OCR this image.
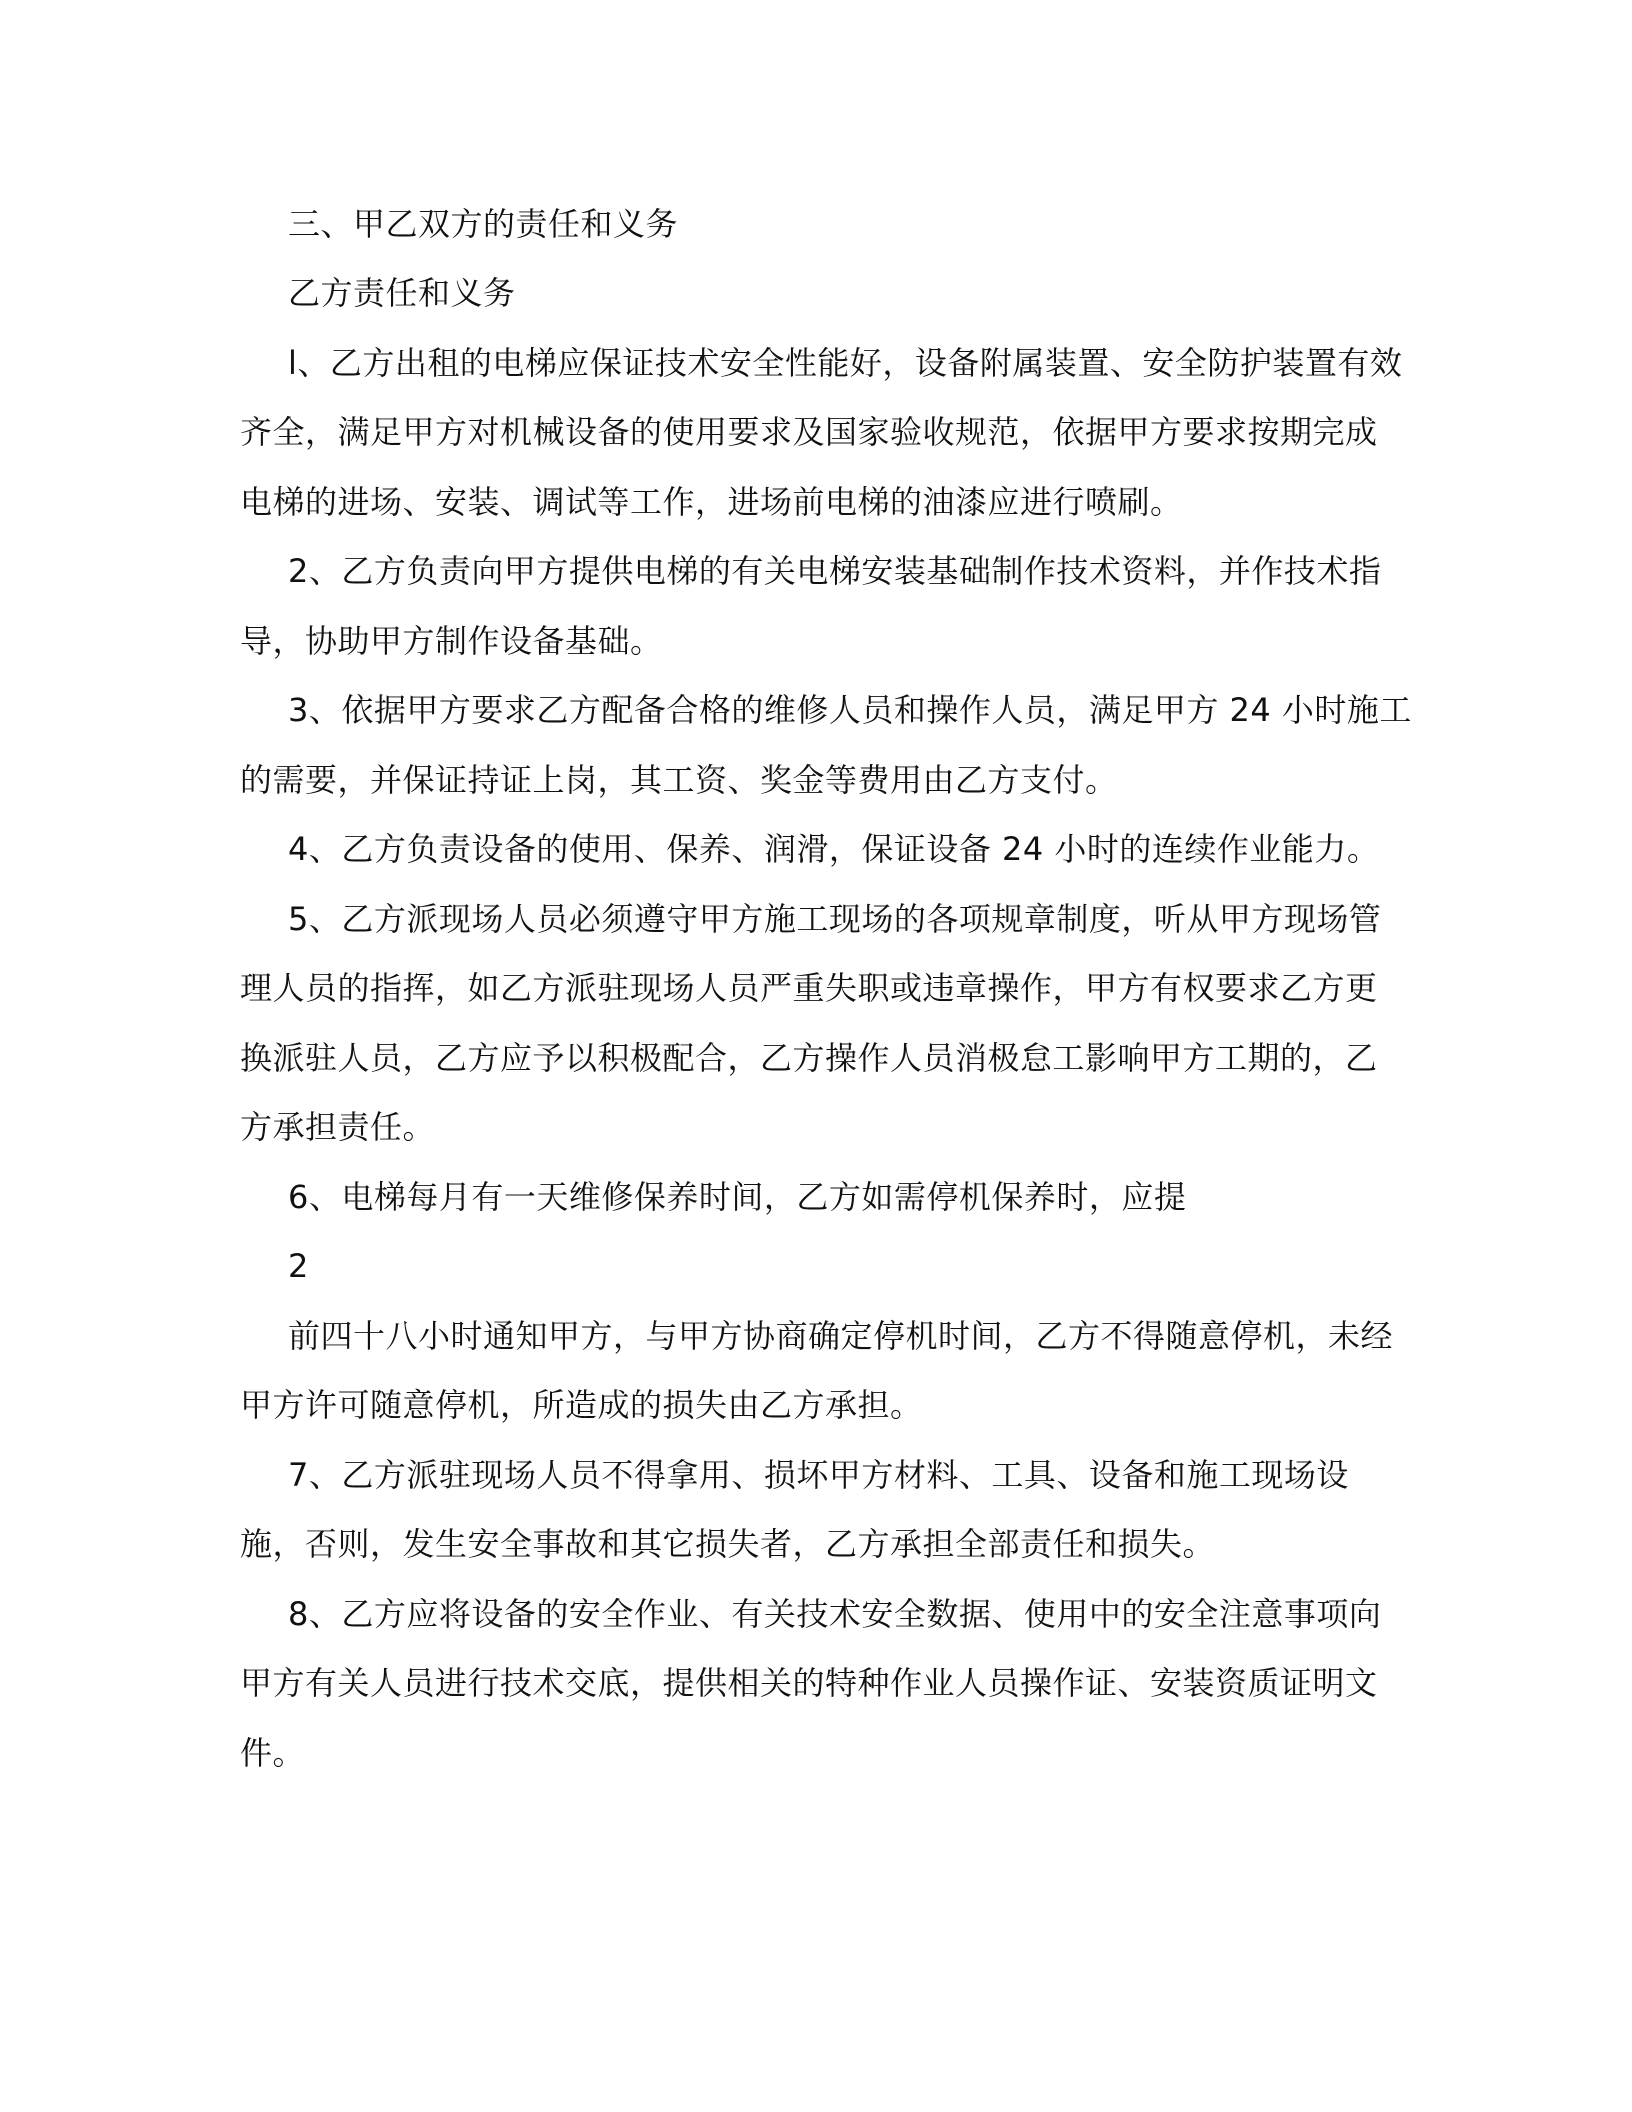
三、甲乙双方的责任和义务

乙方责任和义务

l、乙方出租的电梯应保证技术安全性能好，设备附属装置、安全防护装置有效

齐全，满足甲方对机械设备的使用要求及国家验收规范，依据甲方要求按期完成

电梯的进场、安装、调试等工作，进场前电梯的油漆应进行喷刷。

2、乙方负责向甲方提供电梯的有关电梯安装基础制作技术资料，并作技术指

导，协助甲方制作设备基础。

3、依据甲方要求乙方配备合格的维修人员和操作人员，满足甲方 24 小时施工

的需要，并保证持证上岗，其工资、奖金等费用由乙方支付。

4、乙方负责设备的使用、保养、润滑，保证设备 24 小时的连续作业能力。

5、乙方派现场人员必须遵守甲方施工现场的各项规章制度，听从甲方现场管

理人员的指挥，如乙方派驻现场人员严重失职或违章操作，甲方有权要求乙方更

换派驻人员，乙方应予以积极配合，乙方操作人员消极怠工影响甲方工期的，乙

方承担责任。

6、电梯每月有一天维修保养时间，乙方如需停机保养时，应提

2

前四十八小时通知甲方，与甲方协商确定停机时间，乙方不得随意停机，未经

甲方许可随意停机，所造成的损失由乙方承担。

7、乙方派驻现场人员不得拿用、损坏甲方材料、工具、设备和施工现场设

施，否则，发生安全事故和其它损失者，乙方承担全部责任和损失。

8、乙方应将设备的安全作业、有关技术安全数据、使用中的安全注意事项向

甲方有关人员进行技术交底，提供相关的特种作业人员操作证、安装资质证明文

件。
